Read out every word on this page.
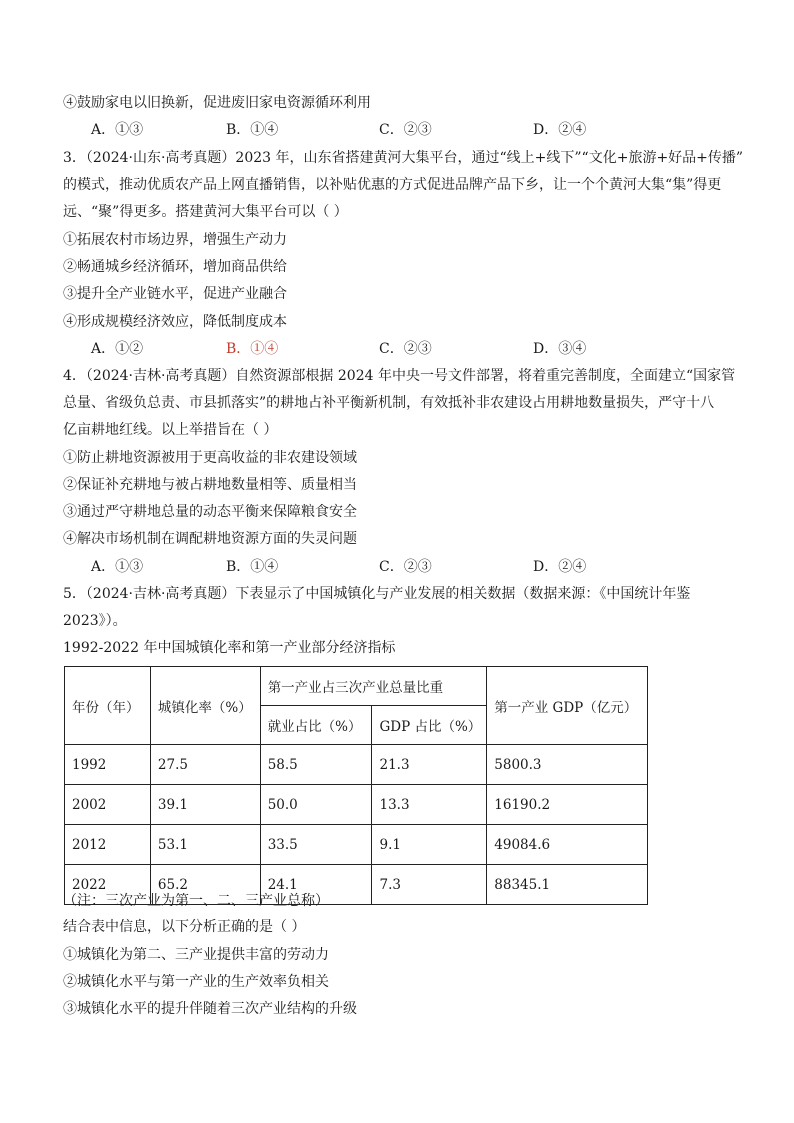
④鼓励家电以旧换新，促进废旧家电资源循环利用
A．①③	B．①④	C．②③	D．②④
3．（2024·山东·高考真题）2023 年，山东省搭建黄河大集平台，通过“线上+线下”“文化+旅游+好品+传播”
的模式，推动优质农产品上网直播销售，以补贴优惠的方式促进品牌产品下乡，让一个个黄河大集“集”得更
远、“聚”得更多。搭建黄河大集平台可以（ ）
①拓展农村市场边界，增强生产动力
②畅通城乡经济循环，增加商品供给
③提升全产业链水平，促进产业融合
④形成规模经济效应，降低制度成本
A．①②	B．①④	C．②③	D．③④
4．（2024·吉林·高考真题）自然资源部根据 2024 年中央一号文件部署，将着重完善制度，全面建立“国家管
总量、省级负总责、市县抓落实”的耕地占补平衡新机制，有效抵补非农建设占用耕地数量损失，严守十八
亿亩耕地红线。以上举措旨在（ ）
①防止耕地资源被用于更高收益的非农建设领域
②保证补充耕地与被占耕地数量相等、质量相当
③通过严守耕地总量的动态平衡来保障粮食安全
④解决市场机制在调配耕地资源方面的失灵问题
A．①③	B．①④	C．②③	D．②④
5．（2024·吉林·高考真题）下表显示了中国城镇化与产业发展的相关数据（数据来源：《中国统计年鉴
2023》）。
1992-2022 年中国城镇化率和第一产业部分经济指标
年份（年）	城镇化率（%）	第一产业占三次产业总量比重		第一产业 GDP（亿元）
		就业占比（%）	GDP 占比（%）	
1992	27.5	58.5	21.3	5800.3
2002	39.1	50.0	13.3	16190.2
2012	53.1	33.5	9.1	49084.6
2022	65.2	24.1	7.3	88345.1
（注：三次产业为第一、二、三产业总称）
结合表中信息，以下分析正确的是（ ）
①城镇化为第二、三产业提供丰富的劳动力
②城镇化水平与第一产业的生产效率负相关
③城镇化水平的提升伴随着三次产业结构的升级
